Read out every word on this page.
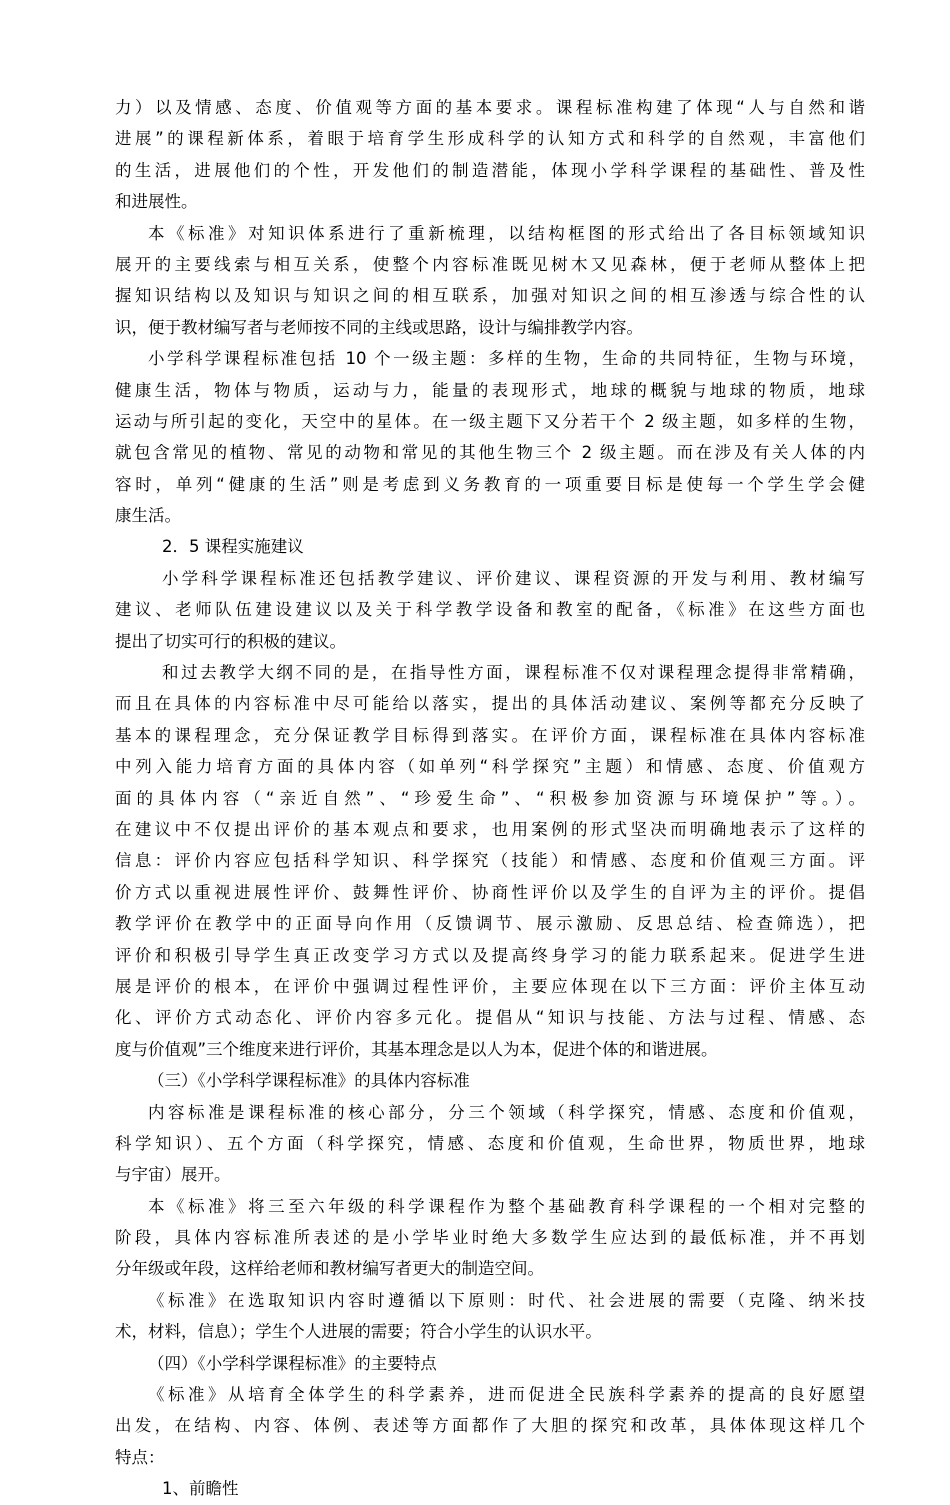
力）以及情感、态度、价值观等方面的基本要求。课程标准构建了体现“人与自然和谐
进展”的课程新体系，着眼于培育学生形成科学的认知方式和科学的自然观，丰富他们
的生活，进展他们的个性，开发他们的制造潜能，体现小学科学课程的基础性、普及性
和进展性。
本《标准》对知识体系进行了重新梳理，以结构框图的形式给出了各目标领域知识
展开的主要线索与相互关系，使整个内容标准既见树木又见森林，便于老师从整体上把
握知识结构以及知识与知识之间的相互联系，加强对知识之间的相互渗透与综合性的认
识，便于教材编写者与老师按不同的主线或思路，设计与编排教学内容。
小学科学课程标准包括 10 个一级主题：多样的生物，生命的共同特征，生物与环境，
健康生活，物体与物质，运动与力，能量的表现形式，地球的概貌与地球的物质，地球
运动与所引起的变化，天空中的星体。在一级主题下又分若干个 2 级主题，如多样的生物，
就包含常见的植物、常见的动物和常见的其他生物三个 2 级主题。而在涉及有关人体的内
容时，单列“健康的生活”则是考虑到义务教育的一项重要目标是使每一个学生学会健
康生活。
2．5 课程实施建议
小学科学课程标准还包括教学建议、评价建议、课程资源的开发与利用、教材编写
建议、老师队伍建设建议以及关于科学教学设备和教室的配备，《标准》在这些方面也
提出了切实可行的积极的建议。
和过去教学大纲不同的是，在指导性方面，课程标准不仅对课程理念提得非常精确，
而且在具体的内容标准中尽可能给以落实，提出的具体活动建议、案例等都充分反映了
基本的课程理念，充分保证教学目标得到落实。在评价方面，课程标准在具体内容标准
中列入能力培育方面的具体内容（如单列“科学探究”主题）和情感、态度、价值观方
面的具体内容（“亲近自然”、“珍爱生命”、“积极参加资源与环境保护”等。）。
在建议中不仅提出评价的基本观点和要求，也用案例的形式坚决而明确地表示了这样的
信息：评价内容应包括科学知识、科学探究（技能）和情感、态度和价值观三方面。评
价方式以重视进展性评价、鼓舞性评价、协商性评价以及学生的自评为主的评价。提倡
教学评价在教学中的正面导向作用（反馈调节、展示激励、反思总结、检查筛选），把
评价和积极引导学生真正改变学习方式以及提高终身学习的能力联系起来。促进学生进
展是评价的根本，在评价中强调过程性评价，主要应体现在以下三方面：评价主体互动
化、评价方式动态化、评价内容多元化。提倡从“知识与技能、方法与过程、情感、态
度与价值观”三个维度来进行评价，其基本理念是以人为本，促进个体的和谐进展。
（三）《小学科学课程标准》的具体内容标准
内容标准是课程标准的核心部分，分三个领域（科学探究，情感、态度和价值观，
科学知识）、五个方面（科学探究，情感、态度和价值观，生命世界，物质世界，地球
与宇宙）展开。
本《标准》将三至六年级的科学课程作为整个基础教育科学课程的一个相对完整的
阶段，具体内容标准所表述的是小学毕业时绝大多数学生应达到的最低标准，并不再划
分年级或年段，这样给老师和教材编写者更大的制造空间。
《标准》在选取知识内容时遵循以下原则：时代、社会进展的需要（克隆、纳米技
术，材料，信息）；学生个人进展的需要；符合小学生的认识水平。
（四）《小学科学课程标准》的主要特点
《标准》从培育全体学生的科学素养，进而促进全民族科学素养的提高的良好愿望
出发，在结构、内容、体例、表述等方面都作了大胆的探究和改革，具体体现这样几个
特点：
1、前瞻性
